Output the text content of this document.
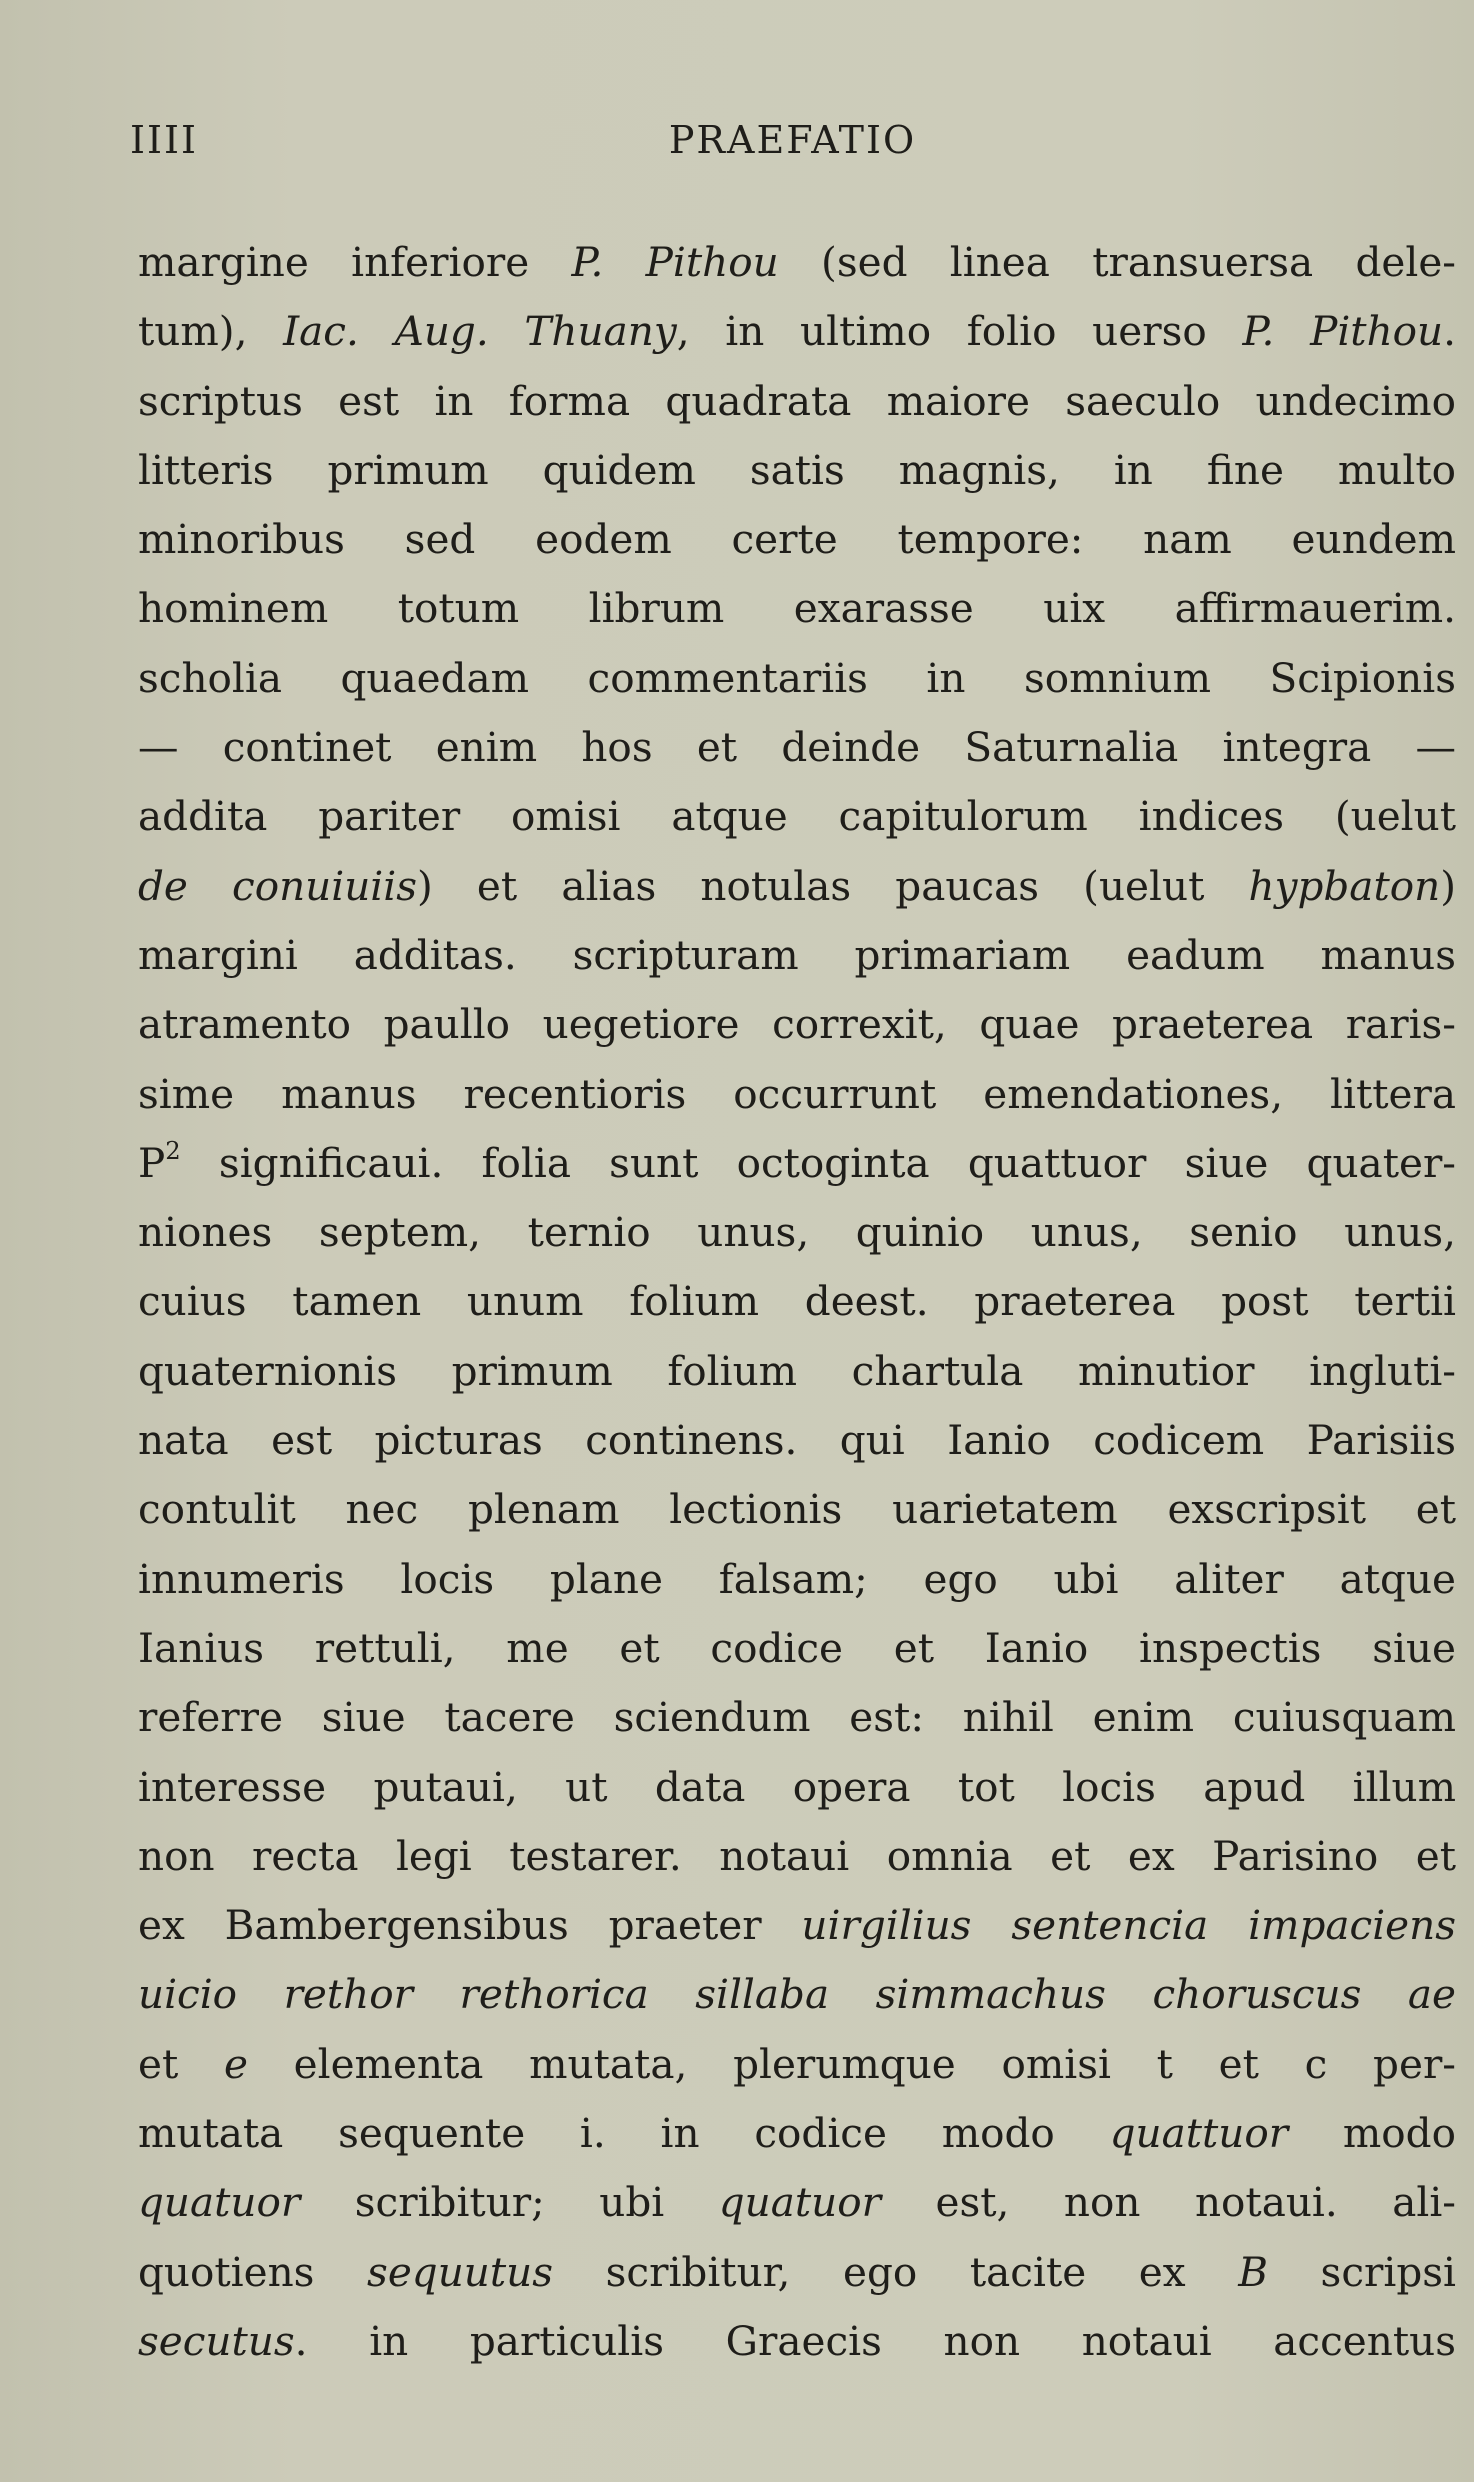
IIII	PRAEFATIO
margine inferiore P. Pithou (sed linea transuersa dele-
tum), Iac. Aug. Thuany, in ultimo folio uerso P. Pithou.
scriptus est in forma quadrata maiore saeculo undecimo
litteris primum quidem satis magnis, in fine multo
minoribus sed eodem certe tempore: nam eundem
hominem totum librum exarasse uix affirmauerim.
scholia quaedam commentariis in somnium Scipionis
— continet enim hos et deinde Saturnalia integra —
addita pariter omisi atque capitulorum indices (uelut
de conuiuiis) et alias notulas paucas (uelut hypbaton)
margini additas. scripturam primariam eadum manus
atramento paullo uegetiore correxit, quae praeterea raris-
sime manus recentioris occurrunt emendationes, littera
$P^2$ significaui. folia sunt octoginta quattuor siue quater-
niones septem, ternio unus, quinio unus, senio unus,
cuius tamen unum folium deest. praeterea post tertii
quaternionis primum folium chartula minutior ingluti-
nata est picturas continens. qui Ianio codicem Parisiis
contulit nec plenam lectionis uarietatem exscripsit et
innumeris locis plane falsam; ego ubi aliter atque
Ianius rettuli, me et codice et Ianio inspectis siue
referre siue tacere sciendum est: nihil enim cuiusquam
interesse putaui, ut data opera tot locis apud illum
non recta legi testarer. notaui omnia et ex Parisino et
ex Bambergensibus praeter uirgilius sentencia impaciens
uicio rethor rethorica sillaba simmachus choruscus ae
et e elementa mutata, plerumque omisi t et c per-
mutata sequente i. in codice modo quattuor modo
quatuor scribitur; ubi quatuor est, non notaui. ali-
quotiens sequutus scribitur, ego tacite ex B scripsi
secutus. in particulis Graecis non notaui accentus
